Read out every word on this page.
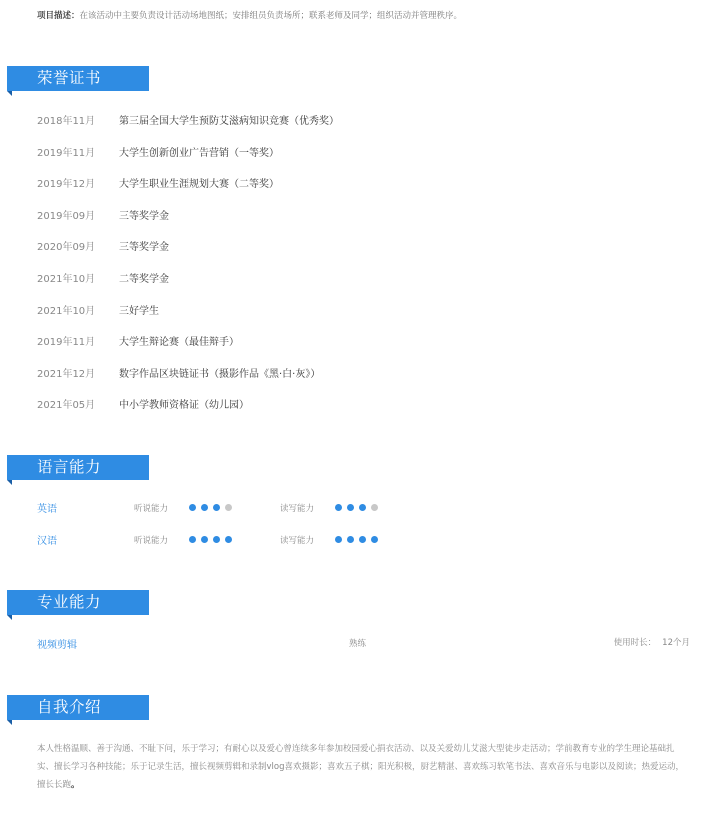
项目描述：在该活动中主要负责设计活动场地图纸；安排组员负责场所；联系老师及同学；组织活动并管理秩序。
荣誉证书
2018年11月 第三届全国大学生预防艾滋病知识竞赛（优秀奖）
2019年11月 大学生创新创业广告营销（一等奖）
2019年12月 大学生职业生涯规划大赛（二等奖）
2019年09月 三等奖学金
2020年09月 三等奖学金
2021年10月 二等奖学金
2021年10月 三好学生
2019年11月 大学生辩论赛（最佳辩手）
2021年12月 数字作品区块链证书（摄影作品《黑·白·灰》）
2021年05月 中小学教师资格证（幼儿园）
语言能力
英语	听说能力	读写能力
汉语	听说能力	读写能力
专业能力
视频剪辑	熟练	使用时长： 12个月
自我介绍
本人性格温顺、善于沟通、不耻下问，乐于学习；有耐心以及爱心曾连续多年参加校园爱心捐衣活动、以及关爱幼儿艾滋大型徒步走活动；学前教育专业的学生理论基础扎实、擅长学习各种技能；乐于记录生活，擅长视频剪辑和录制vlog喜欢摄影；喜欢五子棋；阳光积极，厨艺精湛、喜欢练习软笔书法、喜欢音乐与电影以及阅读；热爱运动，擅长长跑。
